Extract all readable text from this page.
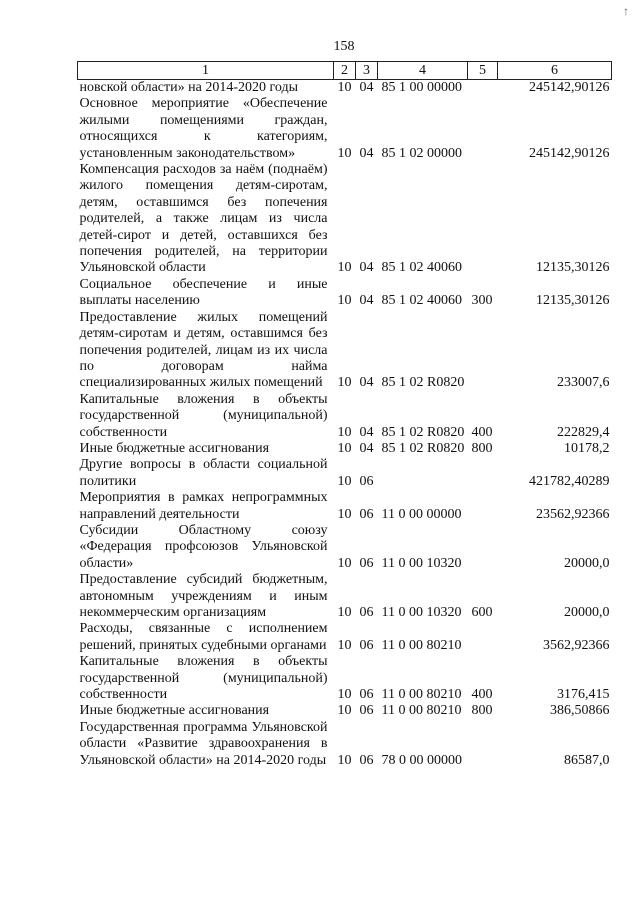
↑
158
1	2	3	4	5	6
новской области» на 2014-2020 годы	10	04	85 1 00 00000		245142,90126
Основное мероприятие «Обеспечение жилыми помещениями граждан, относящихся к категориям, установленным законодательством»	10	04	85 1 02 00000		245142,90126
Компенсация расходов за наём (поднаём) жилого помещения детям-сиротам, детям, оставшимся без попечения родителей, а также лицам из числа детей-сирот и детей, оставшихся без попечения родителей, на территории Ульяновской области	10	04	85 1 02 40060		12135,30126
Социальное обеспечение и иные выплаты населению	10	04	85 1 02 40060	300	12135,30126
Предоставление жилых помещений детям-сиротам и детям, оставшимся без попечения родителей, лицам из их числа по договорам найма специализированных жилых помещений	10	04	85 1 02 R0820		233007,6
Капитальные вложения в объекты государственной (муниципальной) собственности	10	04	85 1 02 R0820	400	222829,4
Иные бюджетные ассигнования	10	04	85 1 02 R0820	800	10178,2
Другие вопросы в области социальной политики	10	06			421782,40289
Мероприятия в рамках непрограммных направлений деятельности	10	06	11 0 00 00000		23562,92366
Субсидии Областному союзу «Федерация профсоюзов Ульяновской области»	10	06	11 0 00 10320		20000,0
Предоставление субсидий бюджетным, автономным учреждениям и иным некоммерческим организациям	10	06	11 0 00 10320	600	20000,0
Расходы, связанные с исполнением решений, принятых судебными органами	10	06	11 0 00 80210		3562,92366
Капитальные вложения в объекты государственной (муниципальной) собственности	10	06	11 0 00 80210	400	3176,415
Иные бюджетные ассигнования	10	06	11 0 00 80210	800	386,50866
Государственная программа Ульяновской области «Развитие здравоохранения в Ульяновской области» на 2014-2020 годы	10	06	78 0 00 00000		86587,0
